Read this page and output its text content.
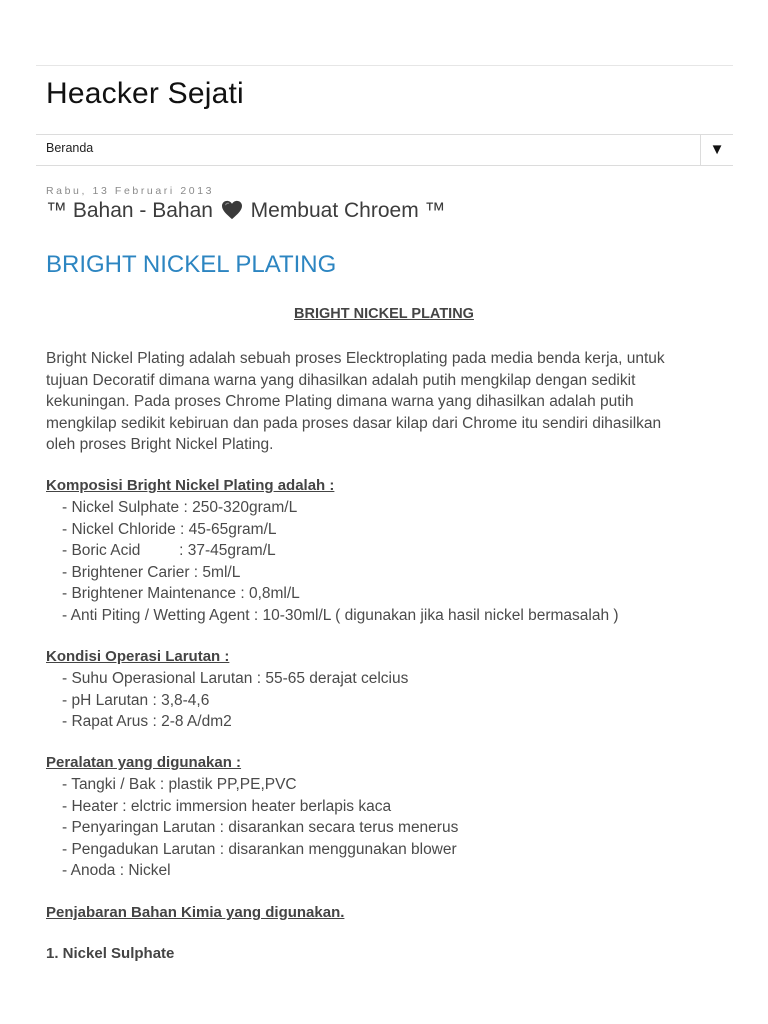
Heacker Sejati
Beranda	▼
Rabu, 13 Februari 2013
™ Bahan - Bahan Membuat Chroem ™
BRIGHT NICKEL PLATING
BRIGHT NICKEL PLATING
Bright Nickel Plating adalah sebuah proses Elecktroplating pada media benda kerja, untuk
tujuan Decoratif dimana warna yang dihasilkan adalah putih mengkilap dengan sedikit
kekuningan. Pada proses Chrome Plating dimana warna yang dihasilkan adalah putih
mengkilap sedikit kebiruan dan pada proses dasar kilap dari Chrome itu sendiri dihasilkan
oleh proses Bright Nickel Plating.
Komposisi Bright Nickel Plating adalah :
- Nickel Sulphate : 250-320gram/L
- Nickel Chloride : 45-65gram/L
- Boric Acid         : 37-45gram/L
- Brightener Carier : 5ml/L
- Brightener Maintenance : 0,8ml/L
- Anti Piting / Wetting Agent : 10-30ml/L ( digunakan jika hasil nickel bermasalah )
Kondisi Operasi Larutan :
- Suhu Operasional Larutan : 55-65 derajat celcius
- pH Larutan : 3,8-4,6
- Rapat Arus : 2-8 A/dm2
Peralatan yang digunakan :
- Tangki / Bak : plastik PP,PE,PVC
- Heater : elctric immersion heater berlapis kaca
- Penyaringan Larutan : disarankan secara terus menerus
- Pengadukan Larutan : disarankan menggunakan blower
- Anoda : Nickel
Penjabaran Bahan Kimia yang digunakan.
1. Nickel Sulphate
